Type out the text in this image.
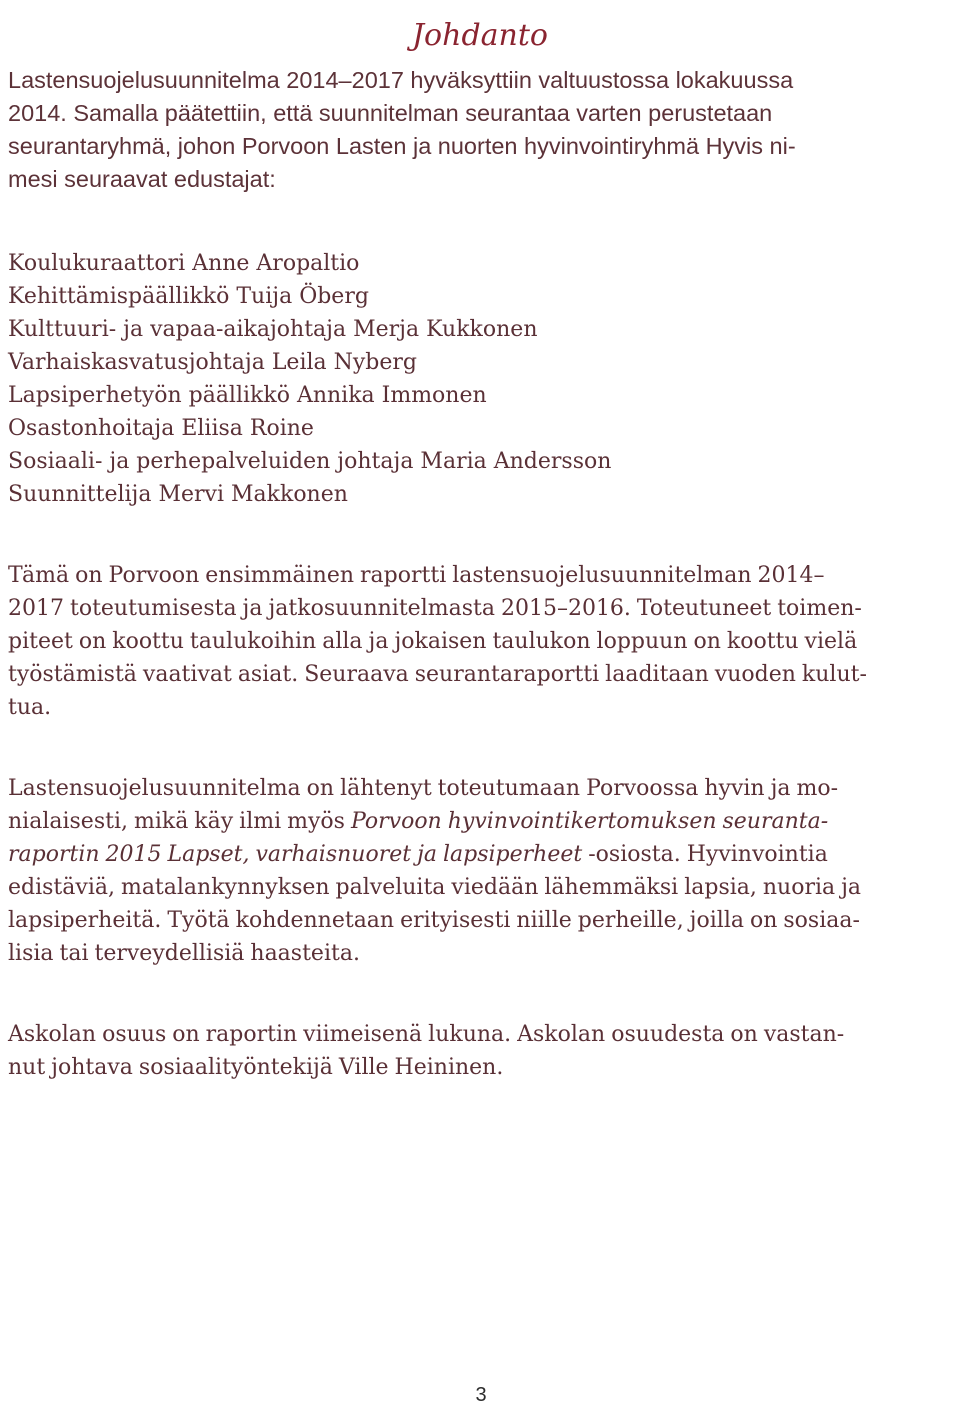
Johdanto

Lastensuojelusuunnitelma 2014–2017 hyväksyttiin valtuustossa lokakuussa
2014. Samalla päätettiin, että suunnitelman seurantaa varten perustetaan
seurantaryhmä, johon Porvoon Lasten ja nuorten hyvinvointiryhmä Hyvis ni-
mesi seuraavat edustajat:

Koulukuraattori Anne Aropaltio
Kehittämispäällikkö Tuija Öberg
Kulttuuri- ja vapaa-aikajohtaja Merja Kukkonen
Varhaiskasvatusjohtaja Leila Nyberg
Lapsiperhetyön päällikkö Annika Immonen
Osastonhoitaja Eliisa Roine
Sosiaali- ja perhepalveluiden johtaja Maria Andersson
Suunnittelija Mervi Makkonen

Tämä on Porvoon ensimmäinen raportti lastensuojelusuunnitelman 2014–
2017 toteutumisesta ja jatkosuunnitelmasta 2015–2016. Toteutuneet toimen-
piteet on koottu taulukoihin alla ja jokaisen taulukon loppuun on koottu vielä
työstämistä vaativat asiat. Seuraava seurantaraportti laaditaan vuoden kulut-
tua.

Lastensuojelusuunnitelma on lähtenyt toteutumaan Porvoossa hyvin ja mo-
nialaisesti, mikä käy ilmi myös Porvoon hyvinvointikertomuksen seuranta-
raportin 2015 Lapset, varhaisnuoret ja lapsiperheet -osiosta. Hyvinvointia
edistäviä, matalankynnyksen palveluita viedään lähemmäksi lapsia, nuoria ja
lapsiperheitä. Työtä kohdennetaan erityisesti niille perheille, joilla on sosiaa-
lisia tai terveydellisiä haasteita.

Askolan osuus on raportin viimeisenä lukuna. Askolan osuudesta on vastan-
nut johtava sosiaalityöntekijä Ville Heininen.

3
